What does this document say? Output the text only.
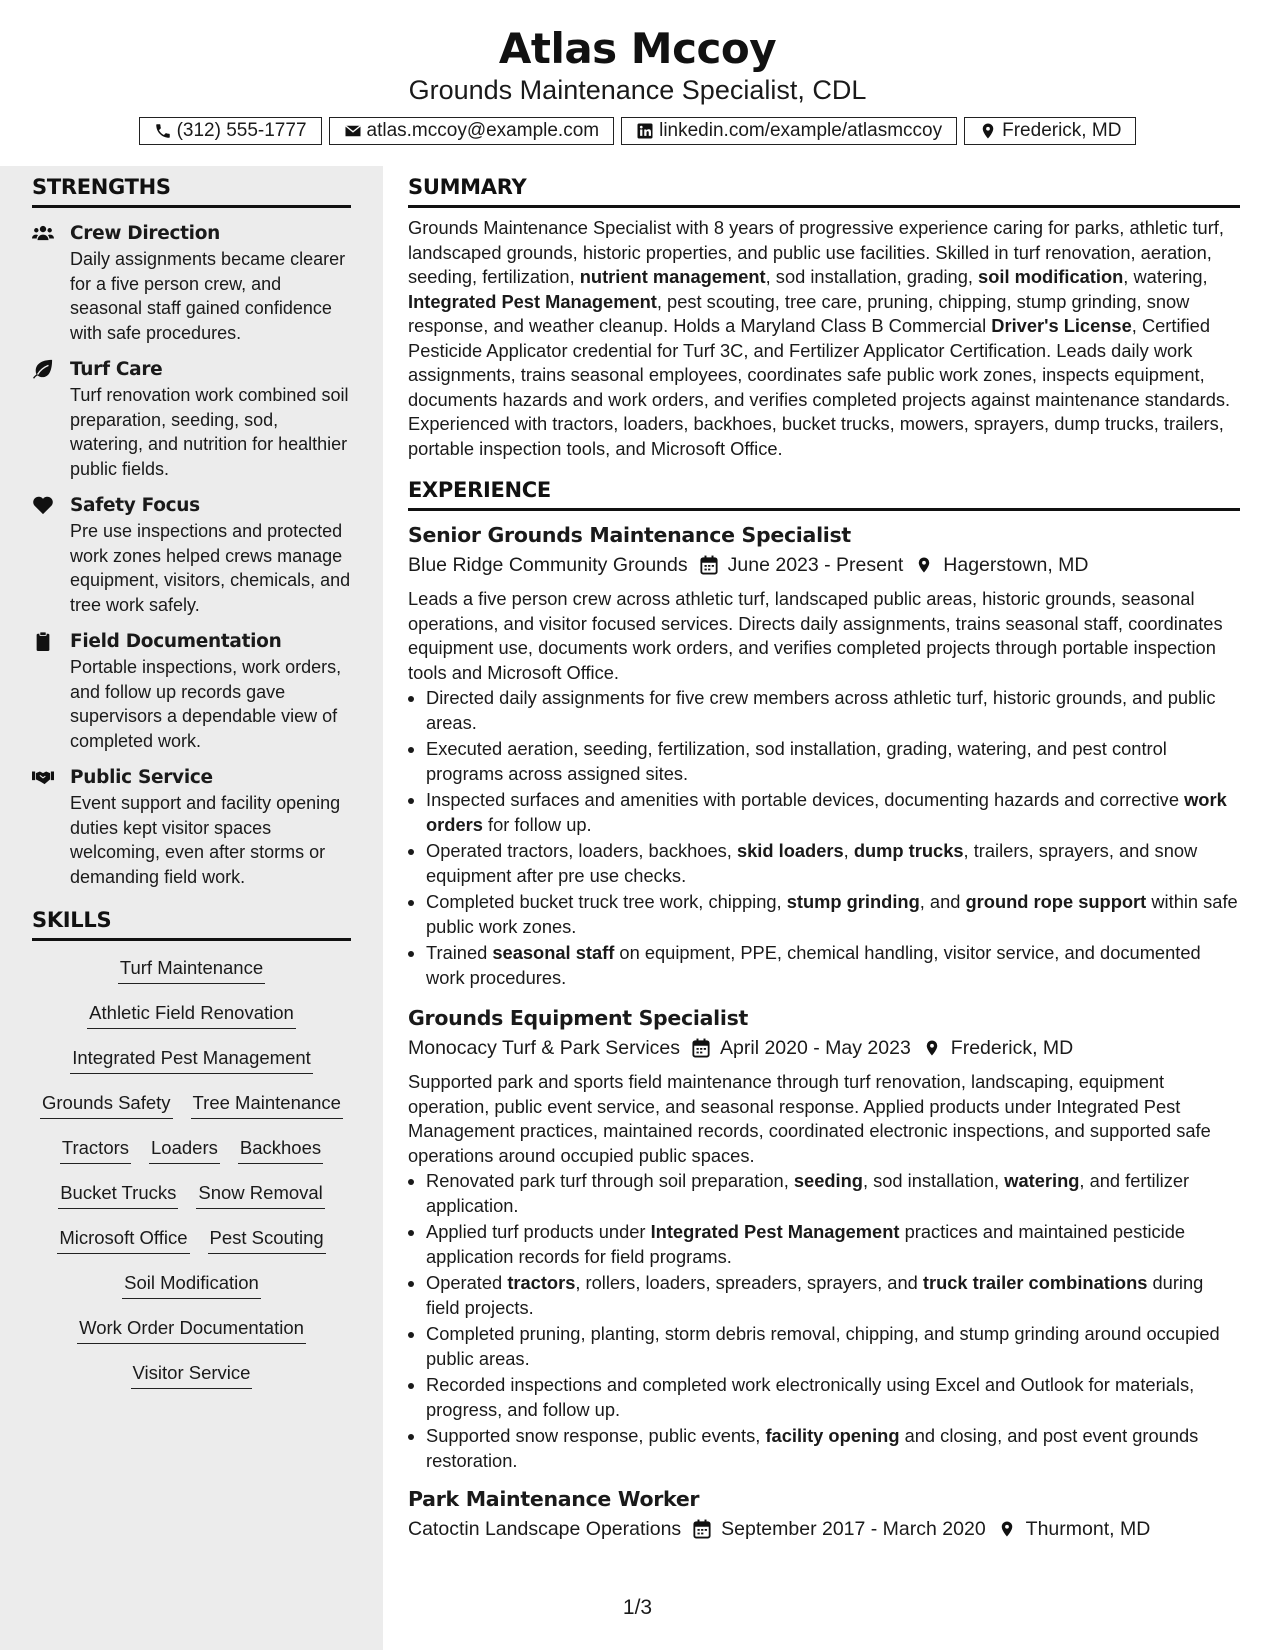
Atlas Mccoy
Grounds Maintenance Specialist, CDL
(312) 555-1777	atlas.mccoy@example.com	linkedin.com/example/atlasmccoy	Frederick, MD
STRENGTHS
Crew Direction
Daily assignments became clearer for a five person crew, and seasonal staff gained confidence with safe procedures.
Turf Care
Turf renovation work combined soil preparation, seeding, sod, watering, and nutrition for healthier public fields.
Safety Focus
Pre use inspections and protected work zones helped crews manage equipment, visitors, chemicals, and tree work safely.
Field Documentation
Portable inspections, work orders, and follow up records gave supervisors a dependable view of completed work.
Public Service
Event support and facility opening duties kept visitor spaces welcoming, even after storms or demanding field work.
SKILLS
Turf Maintenance
Athletic Field Renovation
Integrated Pest Management
Grounds Safety Tree Maintenance
Tractors Loaders Backhoes
Bucket Trucks Snow Removal
Microsoft Office Pest Scouting
Soil Modification
Work Order Documentation
Visitor Service
SUMMARY
Grounds Maintenance Specialist with 8 years of progressive experience caring for parks, athletic turf, landscaped grounds, historic properties, and public use facilities. Skilled in turf renovation, aeration, seeding, fertilization, nutrient management, sod installation, grading, soil modification, watering, Integrated Pest Management, pest scouting, tree care, pruning, chipping, stump grinding, snow response, and weather cleanup. Holds a Maryland Class B Commercial Driver's License, Certified Pesticide Applicator credential for Turf 3C, and Fertilizer Applicator Certification. Leads daily work assignments, trains seasonal employees, coordinates safe public work zones, inspects equipment, documents hazards and work orders, and verifies completed projects against maintenance standards. Experienced with tractors, loaders, backhoes, bucket trucks, mowers, sprayers, dump trucks, trailers, portable inspection tools, and Microsoft Office.
EXPERIENCE
Senior Grounds Maintenance Specialist
Blue Ridge Community Grounds June 2023 - Present Hagerstown, MD
Leads a five person crew across athletic turf, landscaped public areas, historic grounds, seasonal operations, and visitor focused services. Directs daily assignments, trains seasonal staff, coordinates equipment use, documents work orders, and verifies completed projects through portable inspection tools and Microsoft Office.
• Directed daily assignments for five crew members across athletic turf, historic grounds, and public areas.
• Executed aeration, seeding, fertilization, sod installation, grading, watering, and pest control programs across assigned sites.
• Inspected surfaces and amenities with portable devices, documenting hazards and corrective work orders for follow up.
• Operated tractors, loaders, backhoes, skid loaders, dump trucks, trailers, sprayers, and snow equipment after pre use checks.
• Completed bucket truck tree work, chipping, stump grinding, and ground rope support within safe public work zones.
• Trained seasonal staff on equipment, PPE, chemical handling, visitor service, and documented work procedures.
Grounds Equipment Specialist
Monocacy Turf & Park Services April 2020 - May 2023 Frederick, MD
Supported park and sports field maintenance through turf renovation, landscaping, equipment operation, public event service, and seasonal response. Applied products under Integrated Pest Management practices, maintained records, coordinated electronic inspections, and supported safe operations around occupied public spaces.
• Renovated park turf through soil preparation, seeding, sod installation, watering, and fertilizer application.
• Applied turf products under Integrated Pest Management practices and maintained pesticide application records for field programs.
• Operated tractors, rollers, loaders, spreaders, sprayers, and truck trailer combinations during field projects.
• Completed pruning, planting, storm debris removal, chipping, and stump grinding around occupied public areas.
• Recorded inspections and completed work electronically using Excel and Outlook for materials, progress, and follow up.
• Supported snow response, public events, facility opening and closing, and post event grounds restoration.
Park Maintenance Worker
Catoctin Landscape Operations September 2017 - March 2020 Thurmont, MD
1/3
